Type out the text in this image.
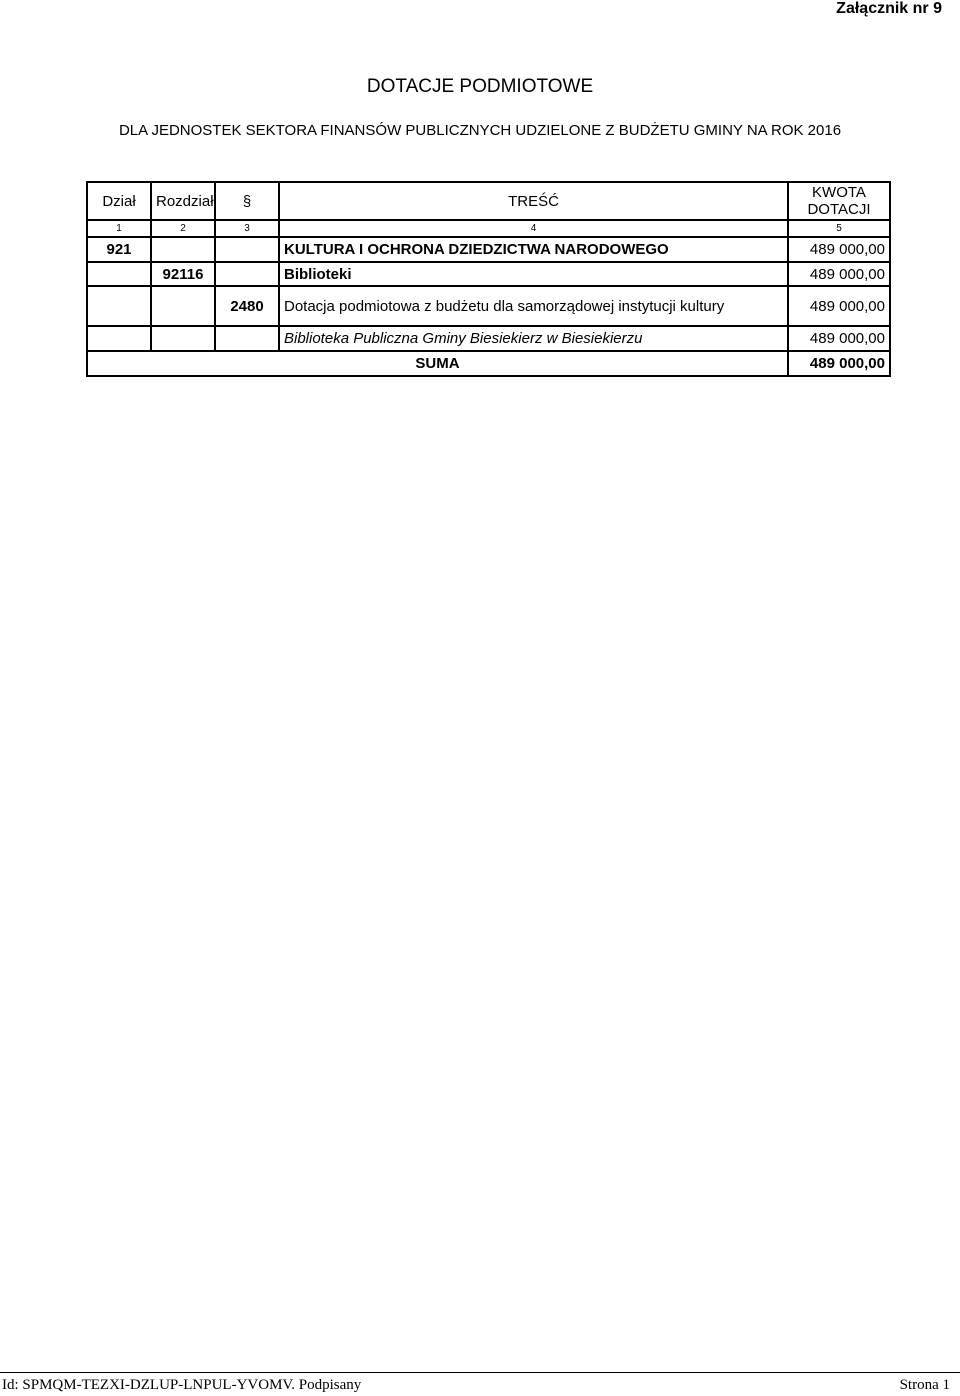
Załącznik nr 9
DOTACJE PODMIOTOWE
DLA JEDNOSTEK SEKTORA FINANSÓW PUBLICZNYCH UDZIELONE Z BUDŻETU GMINY NA ROK 2016
Dział	Rozdział	§	TREŚĆ	KWOTA DOTACJI
1	2	3	4	5
921			KULTURA I OCHRONA DZIEDZICTWA NARODOWEGO	489 000,00
	92116		Biblioteki	489 000,00
		2480	Dotacja podmiotowa z budżetu dla samorządowej instytucji kultury	489 000,00
			Biblioteka Publiczna Gminy Biesiekierz w Biesiekierzu	489 000,00
SUMA				489 000,00
Id: SPMQM-TEZXI-DZLUP-LNPUL-YVOMV. Podpisany	Strona 1
